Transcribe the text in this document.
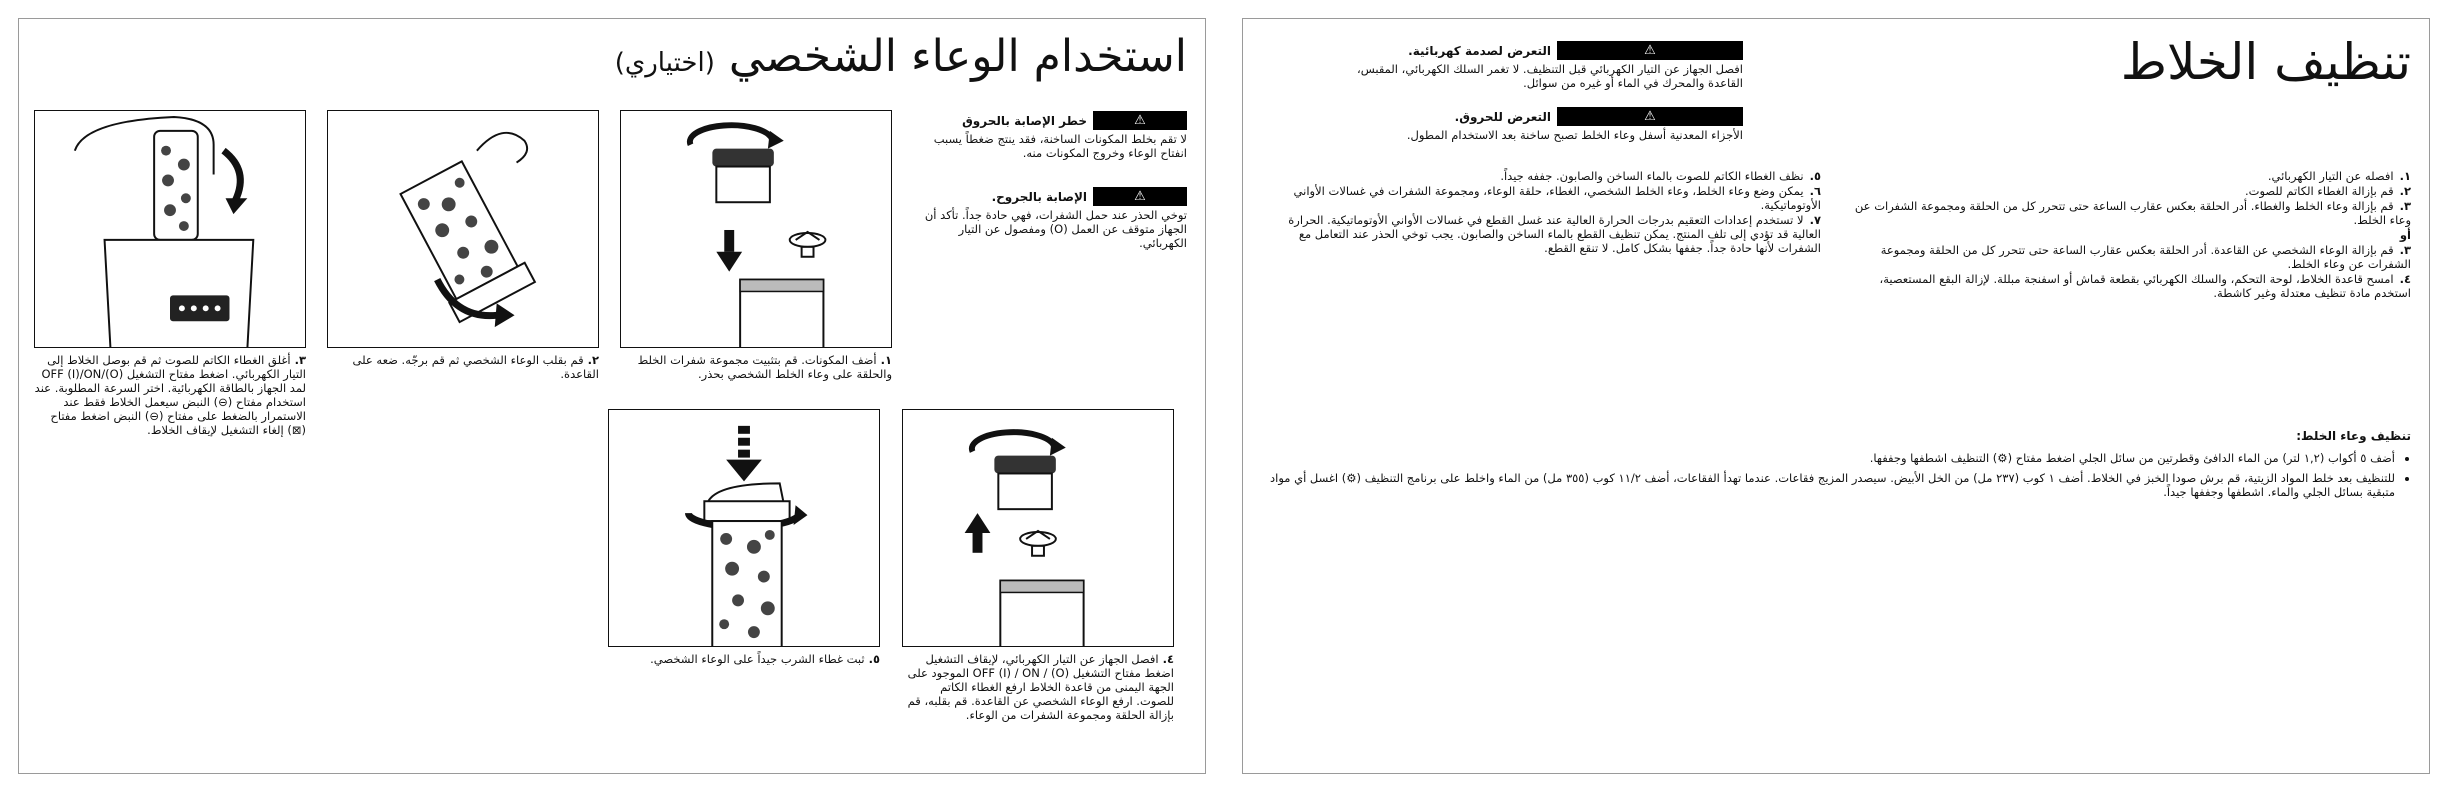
استخدام الوعاء الشخصي (اختياري)
⚠
خطر الإصابة بالحروق
لا تقم بخلط المكونات الساخنة، فقد ينتج ضغطاً يسبب انفتاح الوعاء وخروج المكونات منه.
⚠
الإصابة بالجروح.
توخي الحذر عند حمل الشفرات، فهي حادة جداً. تأكد أن الجهاز متوقف عن العمل (O) ومفصول عن التيار الكهربائي.
١.أضف المكونات. قم بتثبيت مجموعة شفرات الخلط والحلقة على وعاء الخلط الشخصي بحذر.
٢.قم بقلب الوعاء الشخصي ثم قم برجّه. ضعه على القاعدة.
٣.أغلق الغطاء الكاتم للصوت ثم قم بوصل الخلاط إلى التيار الكهربائي. اضغط مفتاح التشغيل (O)/OFF (I)/ON لمد الجهاز بالطاقة الكهربائية. اختر السرعة المطلوبة. عند استخدام مفتاح (⊖) النبض سيعمل الخلاط فقط عند الاستمرار بالضغط على مفتاح (⊖) النبض اضغط مفتاح (⊠) إلغاء التشغيل لإيقاف الخلاط.
٤.افصل الجهاز عن التيار الكهربائي، لإيقاف التشغيل اضغط مفتاح التشغيل (O) / OFF (I) / ON الموجود على الجهة اليمنى من قاعدة الخلاط ارفع الغطاء الكاتم للصوت. ارفع الوعاء الشخصي عن القاعدة. قم بقلبه، قم بإزالة الحلقة ومجموعة الشفرات من الوعاء.
٥.ثبت غطاء الشرب جيداً على الوعاء الشخصي.
تنظيف الخلاط
⚠
التعرض لصدمة كهربائية.
افصل الجهاز عن التيار الكهربائي قبل التنظيف. لا تغمر السلك الكهربائي، المقبس، القاعدة والمحرك في الماء أو غيره من سوائل.
⚠
التعرض للحروق.
الأجزاء المعدنية أسفل وعاء الخلط تصبح ساخنة بعد الاستخدام المطول.
١.افصله عن التيار الكهربائي.
٢.قم بإزالة الغطاء الكاتم للصوت.
٣.قم بإزالة وعاء الخلط والغطاء. أدر الحلقة بعكس عقارب الساعة حتى تتحرر كل من الحلقة ومجموعة الشفرات عن وعاء الخلط.
أو
٣.قم بإزالة الوعاء الشخصي عن القاعدة. أدر الحلقة بعكس عقارب الساعة حتى تتحرر كل من الحلقة ومجموعة الشفرات عن وعاء الخلط.
٤.امسح قاعدة الخلاط، لوحة التحكم، والسلك الكهربائي بقطعة قماش أو اسفنجة مبللة. لإزالة البقع المستعصية، استخدم مادة تنظيف معتدلة وغير كاشطة.
٥.نظف الغطاء الكاتم للصوت بالماء الساخن والصابون. جففه جيداً.
٦.يمكن وضع وعاء الخلط، وعاء الخلط الشخصي، الغطاء، حلقة الوعاء، ومجموعة الشفرات في غسالات الأواني الأوتوماتيكية.
٧.لا تستخدم إعدادات التعقيم بدرجات الحرارة العالية عند غسل القطع في غسالات الأواني الأوتوماتيكية. الحرارة العالية قد تؤدي إلى تلف المنتج. يمكن تنظيف القطع بالماء الساخن والصابون. يجب توخي الحذر عند التعامل مع الشفرات لأنها حادة جداً. جففها بشكل كامل. لا تنقع القطع.
تنظيف وعاء الخلط:
• أضف ٥ أكواب (١,٢ لتر) من الماء الدافئ وقطرتين من سائل الجلي اضغط مفتاح (⚙) التنظيف اشطفها وجففها.
• للتنظيف بعد خلط المواد الزيتية، قم برش صودا الخبز في الخلاط. أضف ١ كوب (٢٣٧ مل) من الخل الأبيض. سيصدر المزيج فقاعات. عندما تهدأ الفقاعات، أضف ١١/٢ كوب (٣٥٥ مل) من الماء واخلط على برنامج التنظيف (⚙) اغسل أي مواد متبقية بسائل الجلي والماء. اشطفها وجففها جيداً.
